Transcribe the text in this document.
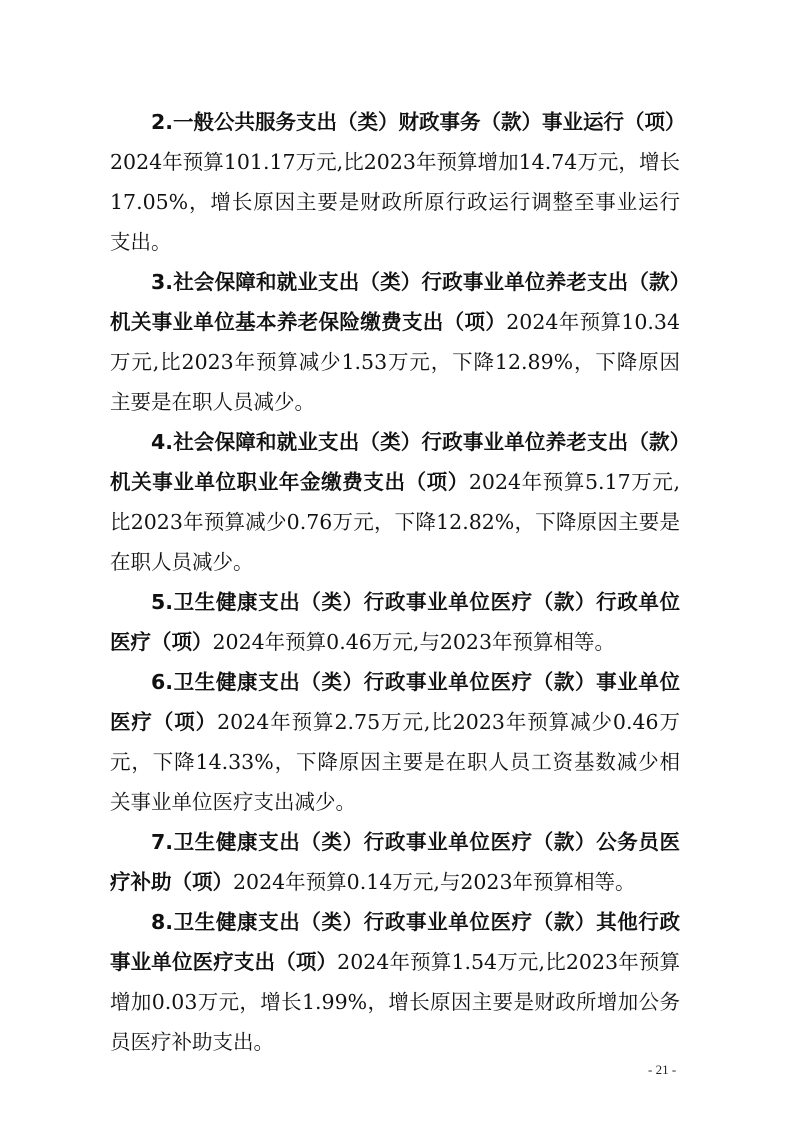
2.一般公共服务支出（类）财政事务（款）事业运行（项）2024年预算101.17万元,比2023年预算增加14.74万元，增长17.05%，增长原因主要是财政所原行政运行调整至事业运行支出。

3.社会保障和就业支出（类）行政事业单位养老支出（款）机关事业单位基本养老保险缴费支出（项）2024年预算10.34万元,比2023年预算减少1.53万元，下降12.89%，下降原因主要是在职人员减少。

4.社会保障和就业支出（类）行政事业单位养老支出（款）机关事业单位职业年金缴费支出（项）2024年预算5.17万元,比2023年预算减少0.76万元，下降12.82%，下降原因主要是在职人员减少。

5.卫生健康支出（类）行政事业单位医疗（款）行政单位医疗（项）2024年预算0.46万元,与2023年预算相等。

6.卫生健康支出（类）行政事业单位医疗（款）事业单位医疗（项）2024年预算2.75万元,比2023年预算减少0.46万元，下降14.33%，下降原因主要是在职人员工资基数减少相关事业单位医疗支出减少。

7.卫生健康支出（类）行政事业单位医疗（款）公务员医疗补助（项）2024年预算0.14万元,与2023年预算相等。

8.卫生健康支出（类）行政事业单位医疗（款）其他行政事业单位医疗支出（项）2024年预算1.54万元,比2023年预算增加0.03万元，增长1.99%，增长原因主要是财政所增加公务员医疗补助支出。

- 21 -
